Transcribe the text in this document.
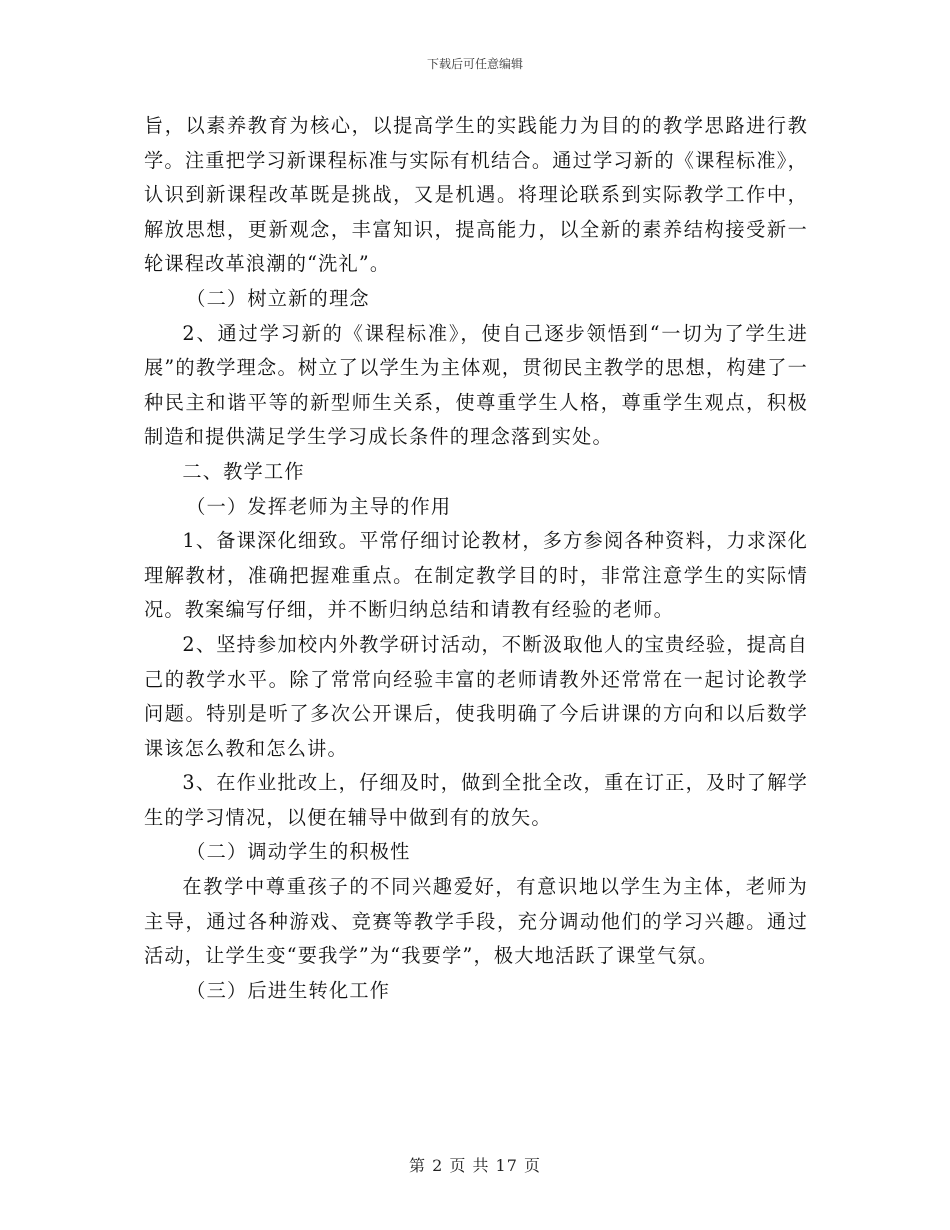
下载后可任意编辑

旨，以素养教育为核心，以提高学生的实践能力为目的的教学思路进行教学。注重把学习新课程标准与实际有机结合。通过学习新的《课程标准》，认识到新课程改革既是挑战，又是机遇。将理论联系到实际教学工作中，解放思想，更新观念，丰富知识，提高能力，以全新的素养结构接受新一轮课程改革浪潮的“洗礼”。

（二）树立新的理念

2、通过学习新的《课程标准》，使自己逐步领悟到“一切为了学生进展”的教学理念。树立了以学生为主体观，贯彻民主教学的思想，构建了一种民主和谐平等的新型师生关系，使尊重学生人格，尊重学生观点，积极制造和提供满足学生学习成长条件的理念落到实处。

二、教学工作

（一）发挥老师为主导的作用

1、备课深化细致。平常仔细讨论教材，多方参阅各种资料，力求深化理解教材，准确把握难重点。在制定教学目的时，非常注意学生的实际情况。教案编写仔细，并不断归纳总结和请教有经验的老师。

2、坚持参加校内外教学研讨活动，不断汲取他人的宝贵经验，提高自己的教学水平。除了常常向经验丰富的老师请教外还常常在一起讨论教学问题。特别是听了多次公开课后，使我明确了今后讲课的方向和以后数学课该怎么教和怎么讲。

3、在作业批改上，仔细及时，做到全批全改，重在订正，及时了解学生的学习情况，以便在辅导中做到有的放矢。

（二）调动学生的积极性

在教学中尊重孩子的不同兴趣爱好，有意识地以学生为主体，老师为主导，通过各种游戏、竞赛等教学手段，充分调动他们的学习兴趣。通过活动，让学生变“要我学”为“我要学”，极大地活跃了课堂气氛。

（三）后进生转化工作

第 2 页 共 17 页
